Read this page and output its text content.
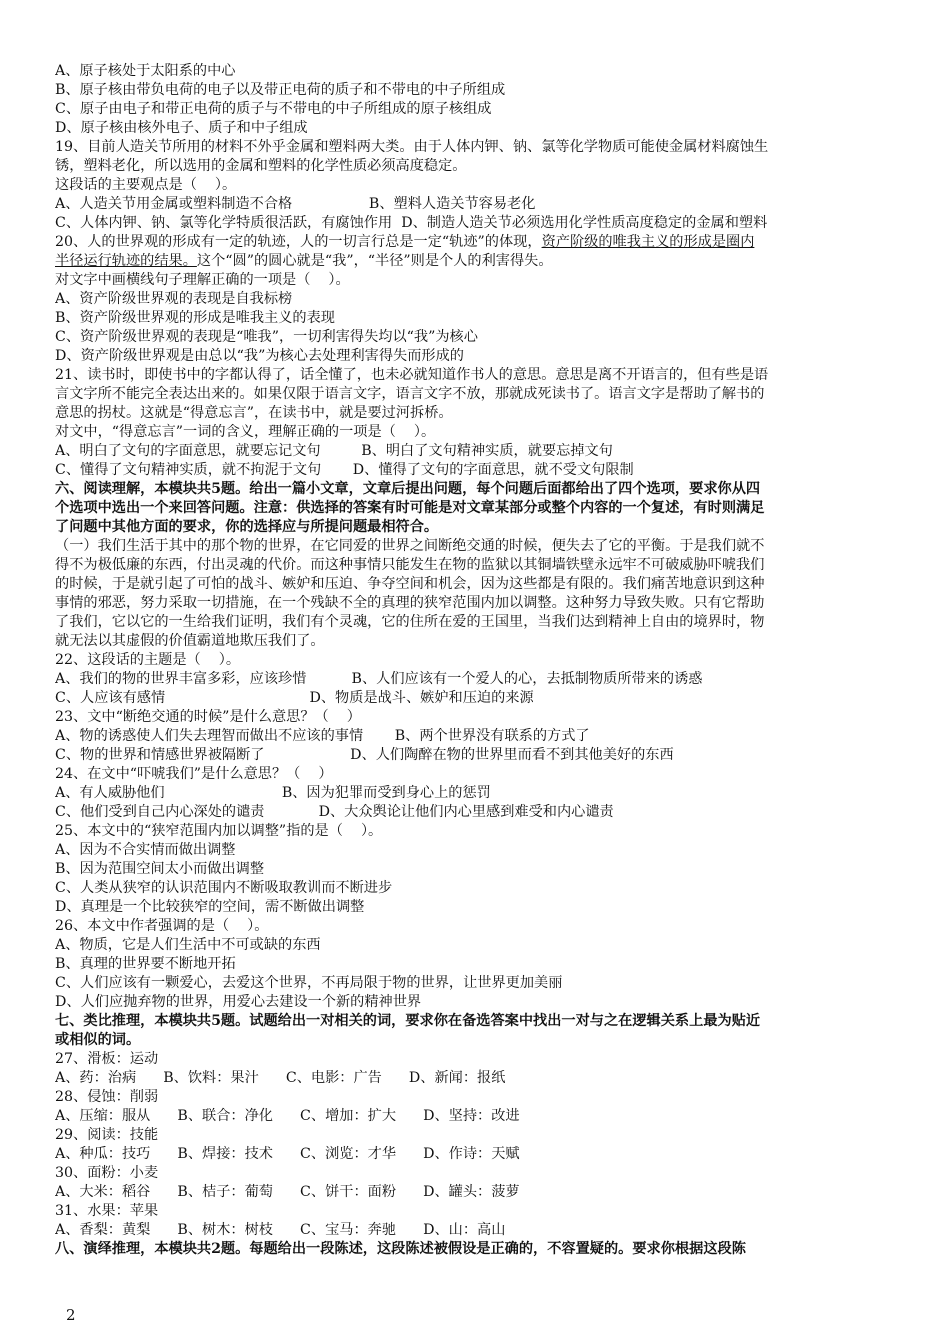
A、原子核处于太阳系的中心
B、原子核由带负电荷的电子以及带正电荷的质子和不带电的中子所组成
C、原子由电子和带正电荷的质子与不带电的中子所组成的原子核组成
D、原子核由核外电子、质子和中子组成
19、目前人造关节所用的材料不外乎金属和塑料两大类。由于人体内钾、钠、氯等化学物质可能使金属材料腐蚀生
锈，塑料老化，所以选用的金属和塑料的化学性质必须高度稳定。
这段话的主要观点是（    ）。
A、人造关节用金属或塑料制造不合格                 B、塑料人造关节容易老化
C、人体内钾、钠、氯等化学特质很活跃，有腐蚀作用  D、制造人造关节必须选用化学性质高度稳定的金属和塑料
20、人的世界观的形成有一定的轨迹，人的一切言行总是一定“轨迹”的体现，资产阶级的唯我主义的形成是圈内
半径运行轨迹的结果。这个“圆”的圆心就是“我”，“半径”则是个人的利害得失。
对文字中画横线句子理解正确的一项是（    ）。
A、资产阶级世界观的表现是自我标榜
B、资产阶级世界观的形成是唯我主义的表现
C、资产阶级世界观的表现是“唯我”，一切利害得失均以“我”为核心
D、资产阶级世界观是由总以“我”为核心去处理利害得失而形成的
21、读书时，即使书中的字都认得了，话全懂了，也未必就知道作书人的意思。意思是离不开语言的，但有些是语
言文字所不能完全表达出来的。如果仅限于语言文字，语言文字不放，那就成死读书了。语言文字是帮助了解书的
意思的拐杖。这就是“得意忘言”，在读书中，就是要过河拆桥。
对文中，“得意忘言”一词的含义，理解正确的一项是（    ）。
A、明白了文句的字面意思，就要忘记文句         B、明白了文句精神实质，就要忘掉文句
C、懂得了文句精神实质，就不拘泥于文句       D、懂得了文句的字面意思，就不受文句限制
六、阅读理解，本模块共5题。给出一篇小文章，文章后提出问题，每个问题后面都给出了四个选项，要求你从四
个选项中选出一个来回答问题。注意：供选择的答案有时可能是对文章某部分或整个内容的一个复述，有时则满足
了问题中其他方面的要求，你的选择应与所提问题最相符合。
（一）我们生活于其中的那个物的世界，在它同爱的世界之间断绝交通的时候，便失去了它的平衡。于是我们就不
得不为极低廉的东西，付出灵魂的代价。而这种事情只能发生在物的监狱以其铜墙铁壁永远牢不可破威胁吓唬我们
的时候，于是就引起了可怕的战斗、嫉妒和压迫、争夺空间和机会，因为这些都是有限的。我们痛苦地意识到这种
事情的邪恶，努力采取一切措施，在一个残缺不全的真理的狭窄范围内加以调整。这种努力导致失败。只有它帮助
了我们，它以它的一生给我们证明，我们有个灵魂，它的住所在爱的王国里，当我们达到精神上自由的境界时，物
就无法以其虚假的价值霸道地欺压我们了。
22、这段话的主题是（    ）。
A、我们的物的世界丰富多彩，应该珍惜          B、人们应该有一个爱人的心，去抵制物质所带来的诱惑
C、人应该有感情                                D、物质是战斗、嫉妒和压迫的来源
23、文中“断绝交通的时候”是什么意思？（    ）
A、物的诱惑使人们失去理智而做出不应该的事情       B、两个世界没有联系的方式了
C、物的世界和情感世界被隔断了                   D、人们陶醉在物的世界里而看不到其他美好的东西
24、在文中“吓唬我们”是什么意思？（    ）
A、有人威胁他们                          B、因为犯罪而受到身心上的惩罚
C、他们受到自己内心深处的谴责            D、大众舆论让他们内心里感到难受和内心谴责
25、本文中的“狭窄范围内加以调整”指的是（    ）。
A、因为不合实情而做出调整
B、因为范围空间太小而做出调整
C、人类从狭窄的认识范围内不断吸取教训而不断进步
D、真理是一个比较狭窄的空间，需不断做出调整
26、本文中作者强调的是（    ）。
A、物质，它是人们生活中不可或缺的东西
B、真理的世界要不断地开拓
C、人们应该有一颗爱心，去爱这个世界，不再局限于物的世界，让世界更加美丽
D、人们应抛弃物的世界，用爱心去建设一个新的精神世界
七、类比推理，本模块共5题。试题给出一对相关的词，要求你在备选答案中找出一对与之在逻辑关系上最为贴近
或相似的词。
27、滑板：运动
A、药：治病      B、饮料：果汁      C、电影：广告      D、新闻：报纸
28、侵蚀：削弱
A、压缩：服从      B、联合：净化      C、增加：扩大      D、坚持：改进
29、阅读：技能
A、种瓜：技巧      B、焊接：技术      C、浏览：才华      D、作诗：天赋
30、面粉：小麦
A、大米：稻谷      B、桔子：葡萄      C、饼干：面粉      D、罐头：菠萝
31、水果：苹果
A、香梨：黄梨      B、树木：树枝      C、宝马：奔驰      D、山：高山
八、演绎推理，本模块共2题。每题给出一段陈述，这段陈述被假设是正确的，不容置疑的。要求你根据这段陈
2
